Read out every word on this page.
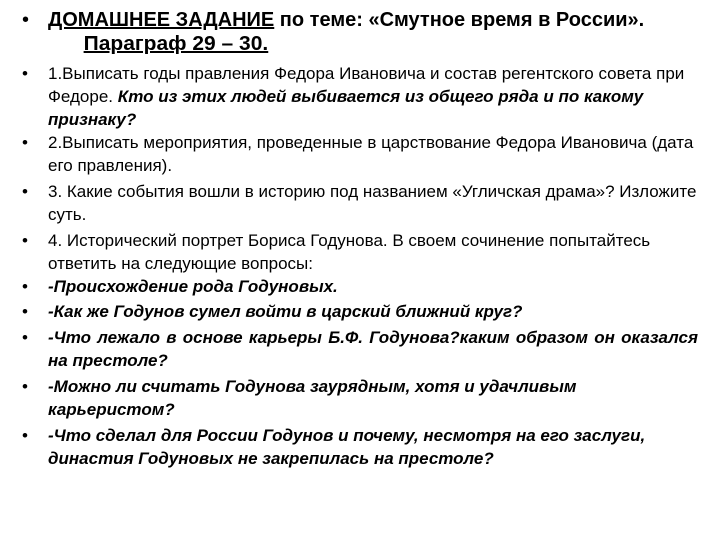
• ДОМАШНЕЕ ЗАДАНИЕ по теме: «Смутное время в России».Параграф 29 – 30.
• 1.Выписать годы правления Федора Ивановича и состав регентского совета при Федоре. Кто из этих людей выбивается из общего ряда и по какому признаку?
• 2.Выписать мероприятия, проведенные в царствование Федора Ивановича (дата его правления).
• 3. Какие события вошли в историю под названием «Угличская драма»? Изложите суть.
• 4. Исторический портрет Бориса Годунова. В своем сочинение попытайтесь ответить на следующие вопросы:
• -Происхождение рода Годуновых.
• -Как же Годунов сумел войти в царский ближний круг?
• -Что лежало в основе карьеры Б.Ф. Годунова?каким образом он оказался на престоле?
• -Можно ли считать Годунова заурядным, хотя и удачливым карьеристом?
• -Что сделал для России Годунов и почему, несмотря на его заслуги, династия Годуновых не закрепилась на престоле?
